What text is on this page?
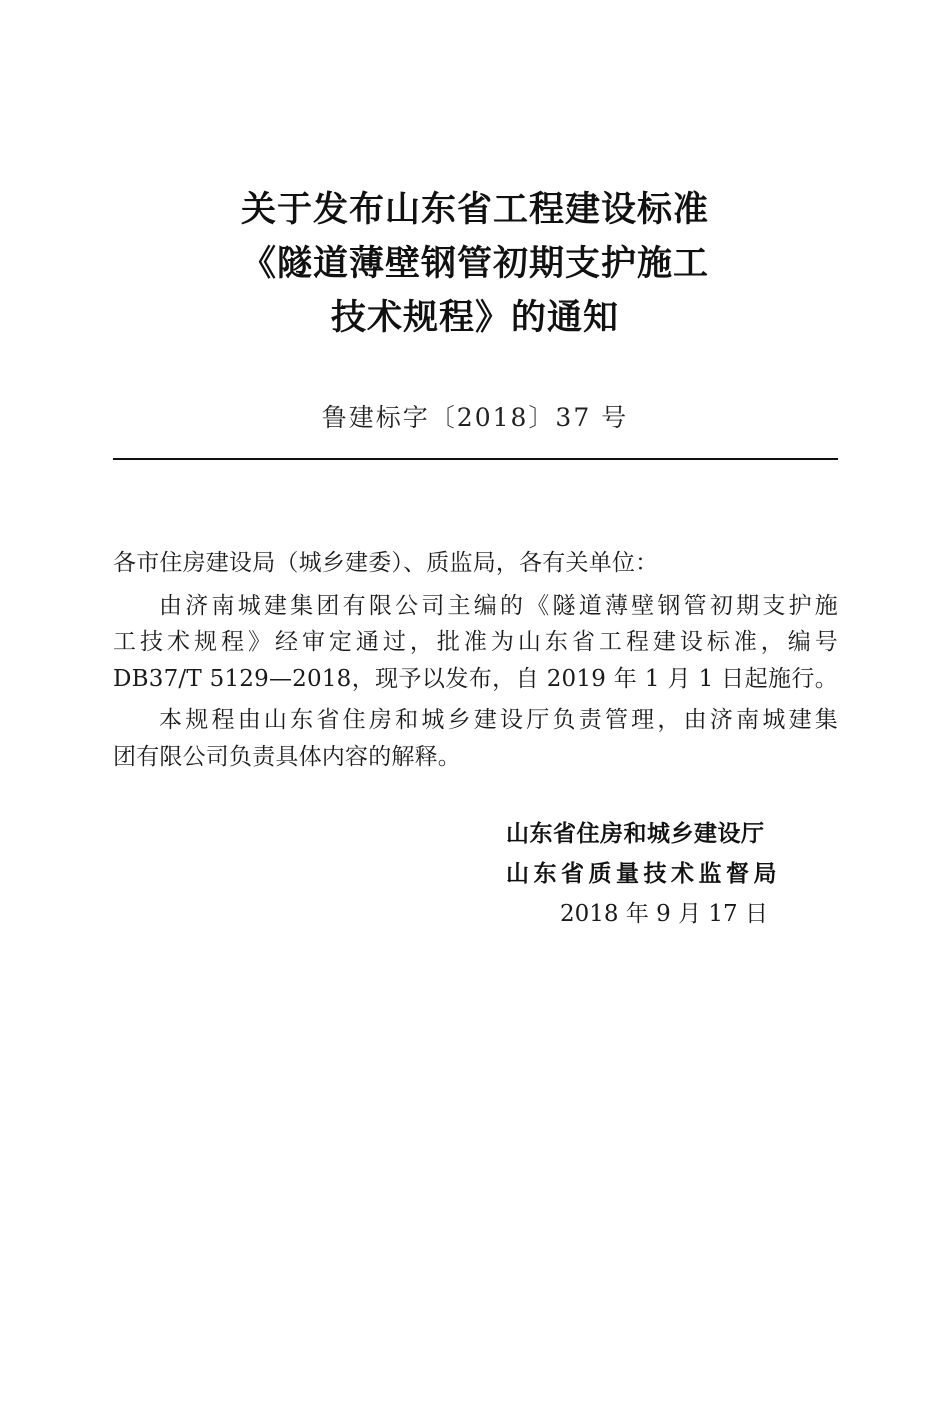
关于发布山东省工程建设标准
《隧道薄壁钢管初期支护施工
技术规程》的通知
鲁建标字〔2018〕37 号
各市住房建设局（城乡建委）、质监局，各有关单位：
由济南城建集团有限公司主编的《隧道薄壁钢管初期支护施
工技术规程》经审定通过，批准为山东省工程建设标准，编号
DB37/T 5129—2018，现予以发布，自 2019 年 1 月 1 日起施行。
本规程由山东省住房和城乡建设厅负责管理，由济南城建集
团有限公司负责具体内容的解释。
山东省住房和城乡建设厅
山东省质量技术监督局
2018 年 9 月 17 日
